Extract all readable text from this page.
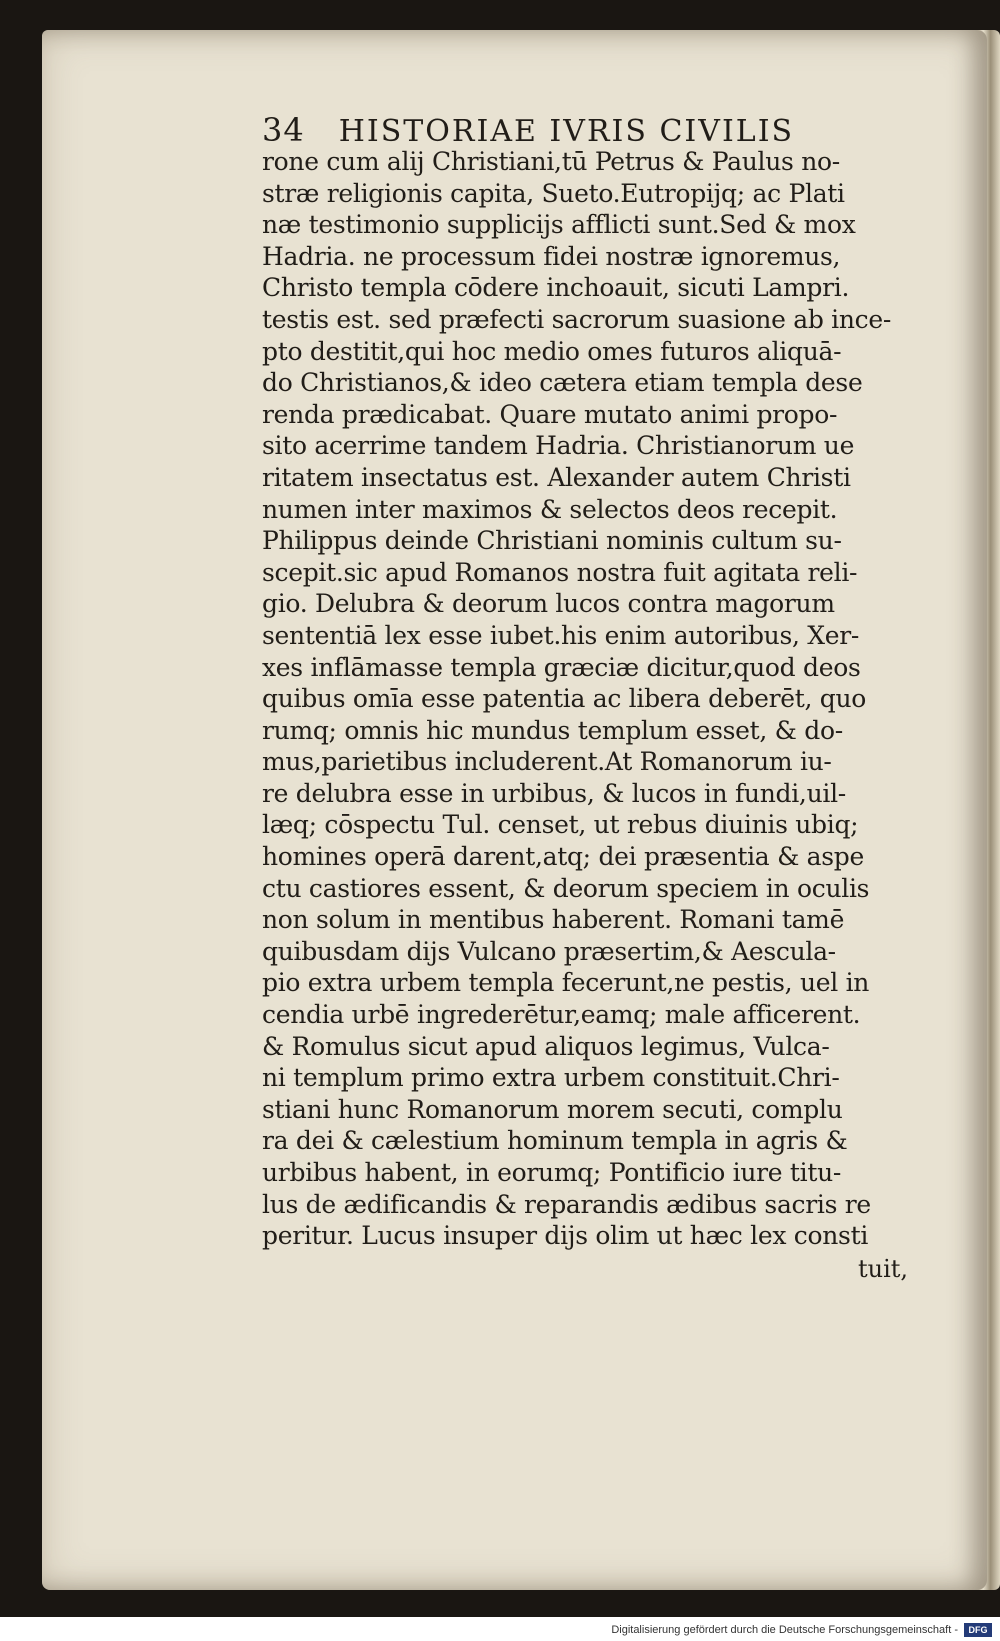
34 HISTORIAE IVRIS CIVILIS
rone cum alij Christiani,tū Petrus & Paulus no-
stræ religionis capita, Sueto.Eutropijq; ac Plati
næ testimonio supplicijs affliсti sunt.Sed & mox
Hadria. ne processum fidei nostræ ignoremus,
Christo templa cōdere inchoauit, sicuti Lampri.
testis est. sed præfecti sacrorum suasione ab ince-
pto destitit,qui hoc medio omes futuros aliquā-
do Christianos,& ideo cætera etiam templa dese
renda prædicabat. Quare mutato animi propo-
sito acerrime tandem Hadria. Christianorum ue
ritatem insectatus est. Alexander autem Christi
numen inter maximos & selectos deos recepit.
Philippus deinde Christiani nominis cultum su-
scepit.sic apud Romanos nostra fuit agitata reli-
gio. Delubra & deorum lucos contra magorum
sententiā lex esse iubet.his enim autoribus, Xer-
xes inflāmasse templa græciæ dicitur,quod deos
quibus omīa esse patentia ac libera deberēt, quo
rumq; omnis hic mundus templum esset, & do-
mus,parietibus includerent.At Romanorum iu-
re delubra esse in urbibus, & lucos in fundi,uil-
læq; cōspectu Tul. censet, ut rebus diuinis ubiq;
homines operā darent,atq; dei præsentia & aspe
ctu castiores essent, & deorum speciem in oculis
non solum in mentibus haberent. Romani tamē
quibusdam dijs Vulcano præsertim,& Aescula-
pio extra urbem templa fecerunt,ne pestis, uel in
cendia urbē ingrederētur,eamq; male afficerent.
& Romulus sicut apud aliquos legimus, Vulca-
ni templum primo extra urbem constituit.Chri-
stiani hunc Romanorum morem secuti, complu
ra dei & cælestium hominum templa in agris &
urbibus habent, in eorumq; Pontificio iure titu-
lus de ædificandis & reparandis ædibus sacris re
peritur. Lucus insuper dijs olim ut hæc lex consti
tuit,
Digitalisierung gefördert durch die Deutsche Forschungsgemeinschaft -	DFG
